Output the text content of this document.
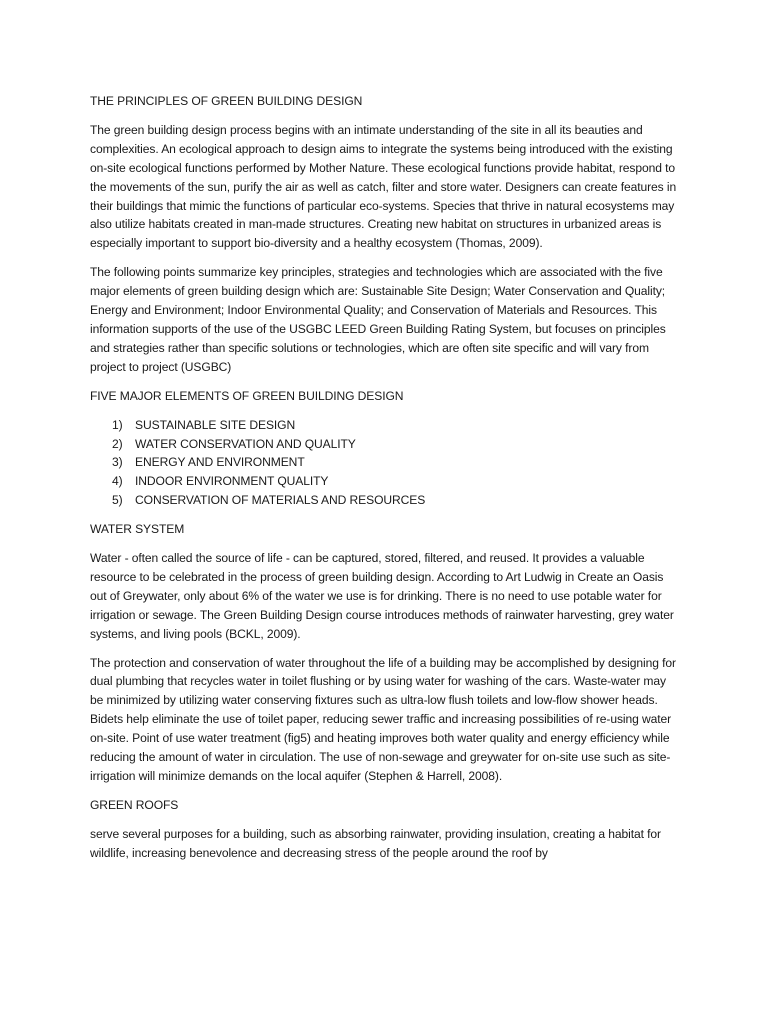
THE PRINCIPLES OF GREEN BUILDING DESIGN

The green building design process begins with an intimate understanding of the site in all its beauties and complexities. An ecological approach to design aims to integrate the systems being introduced with the existing on-site ecological functions performed by Mother Nature. These ecological functions provide habitat, respond to the movements of the sun, purify the air as well as catch, filter and store water. Designers can create features in their buildings that mimic the functions of particular eco-systems. Species that thrive in natural ecosystems may also utilize habitats created in man-made structures. Creating new habitat on structures in urbanized areas is especially important to support bio-diversity and a healthy ecosystem (Thomas, 2009).

The following points summarize key principles, strategies and technologies which are associated with the five major elements of green building design which are: Sustainable Site Design; Water Conservation and Quality; Energy and Environment; Indoor Environmental Quality; and Conservation of Materials and Resources. This information supports of the use of the USGBC LEED Green Building Rating System, but focuses on principles and strategies rather than specific solutions or technologies, which are often site specific and will vary from project to project (USGBC)

FIVE MAJOR ELEMENTS OF GREEN BUILDING DESIGN
1)	SUSTAINABLE SITE DESIGN
2)	WATER CONSERVATION AND QUALITY
3)	ENERGY AND ENVIRONMENT
4)	INDOOR ENVIRONMENT QUALITY
5)	CONSERVATION OF MATERIALS AND RESOURCES
WATER SYSTEM

Water - often called the source of life - can be captured, stored, filtered, and reused. It provides a valuable resource to be celebrated in the process of green building design. According to Art Ludwig in Create an Oasis out of Greywater, only about 6% of the water we use is for drinking. There is no need to use potable water for irrigation or sewage. The Green Building Design course introduces methods of rainwater harvesting, grey water systems, and living pools (BCKL, 2009).

The protection and conservation of water throughout the life of a building may be accomplished by designing for dual plumbing that recycles water in toilet flushing or by using water for washing of the cars. Waste-water may be minimized by utilizing water conserving fixtures such as ultra-low flush toilets and low-flow shower heads. Bidets help eliminate the use of toilet paper, reducing sewer traffic and increasing possibilities of re-using water on-site. Point of use water treatment (fig5) and heating improves both water quality and energy efficiency while reducing the amount of water in circulation. The use of non-sewage and greywater for on-site use such as site-irrigation will minimize demands on the local aquifer (Stephen & Harrell, 2008).

GREEN ROOFS

serve several purposes for a building, such as absorbing rainwater, providing insulation, creating a habitat for wildlife, increasing benevolence and decreasing stress of the people around the roof by
